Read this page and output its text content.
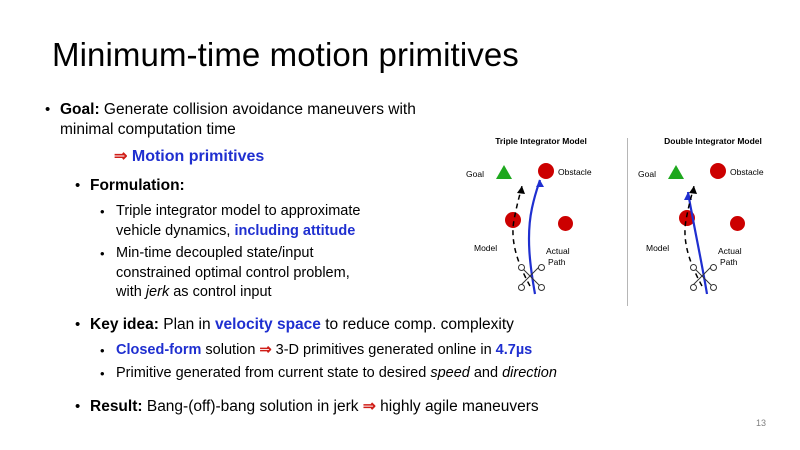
Minimum-time motion primitives
• Goal: Generate collision avoidance maneuvers with minimal computation time
⇒ Motion primitives
• Formulation:
• Triple integrator model to approximate
vehicle dynamics, including attitude
• Min-time decoupled state/input
constrained optimal control problem,
with jerk as control input
• Key idea: Plan in velocity space to reduce comp. complexity
• Closed-form solution ⇒ 3-D primitives generated online in 4.7µs
• Primitive generated from current state to desired speed and direction
• Result: Bang-(off)-bang solution in jerk ⇒ highly agile maneuvers
Triple Integrator Model
Goal	Obstacle
Model	Actual
Path
Double Integrator Model
Goal	Obstacle
Model	Actual
Path
13
